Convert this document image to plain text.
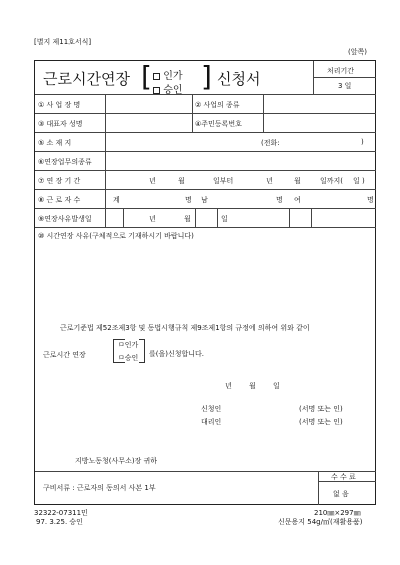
[별지 제11호서식]
(앞쪽)
근로시간연장 [	인가
승인 ] 신청서	처리기간
3 일
① 사 업 장 명	② 사업의 종류
③ 대표자 성명	④주민등록번호
⑤ 소 재 지	(전화:	)
⑥연장업무의종류
⑦ 연 장 기 간	년	월	일부터	년	월	일까지( 일 )
⑧ 근 로 자 수	계	명 남	명 여	명
⑨연장사유발생일	년	월	일
⑩ 시간연장 사유(구체적으로 기재하시기 바랍니다)
근로기준법 제52조제3항 및 동법시행규칙 제9조제1항의 규정에 의하여 위와 같이
근로시간 연장
ㅁ인가
ㅁ승인 를(을)신청합니다.
년 월 일
신청인	(서명 또는 인)
대리인	(서명 또는 인)
지방노동청(사무소)장 귀하
구비서류 : 근로자의 동의서 사본 1부
수 수 료
없 음
32322-07311민
97. 3.25. 승인
210㎜×297㎜
신문용지 54g/㎡(재활용품)
